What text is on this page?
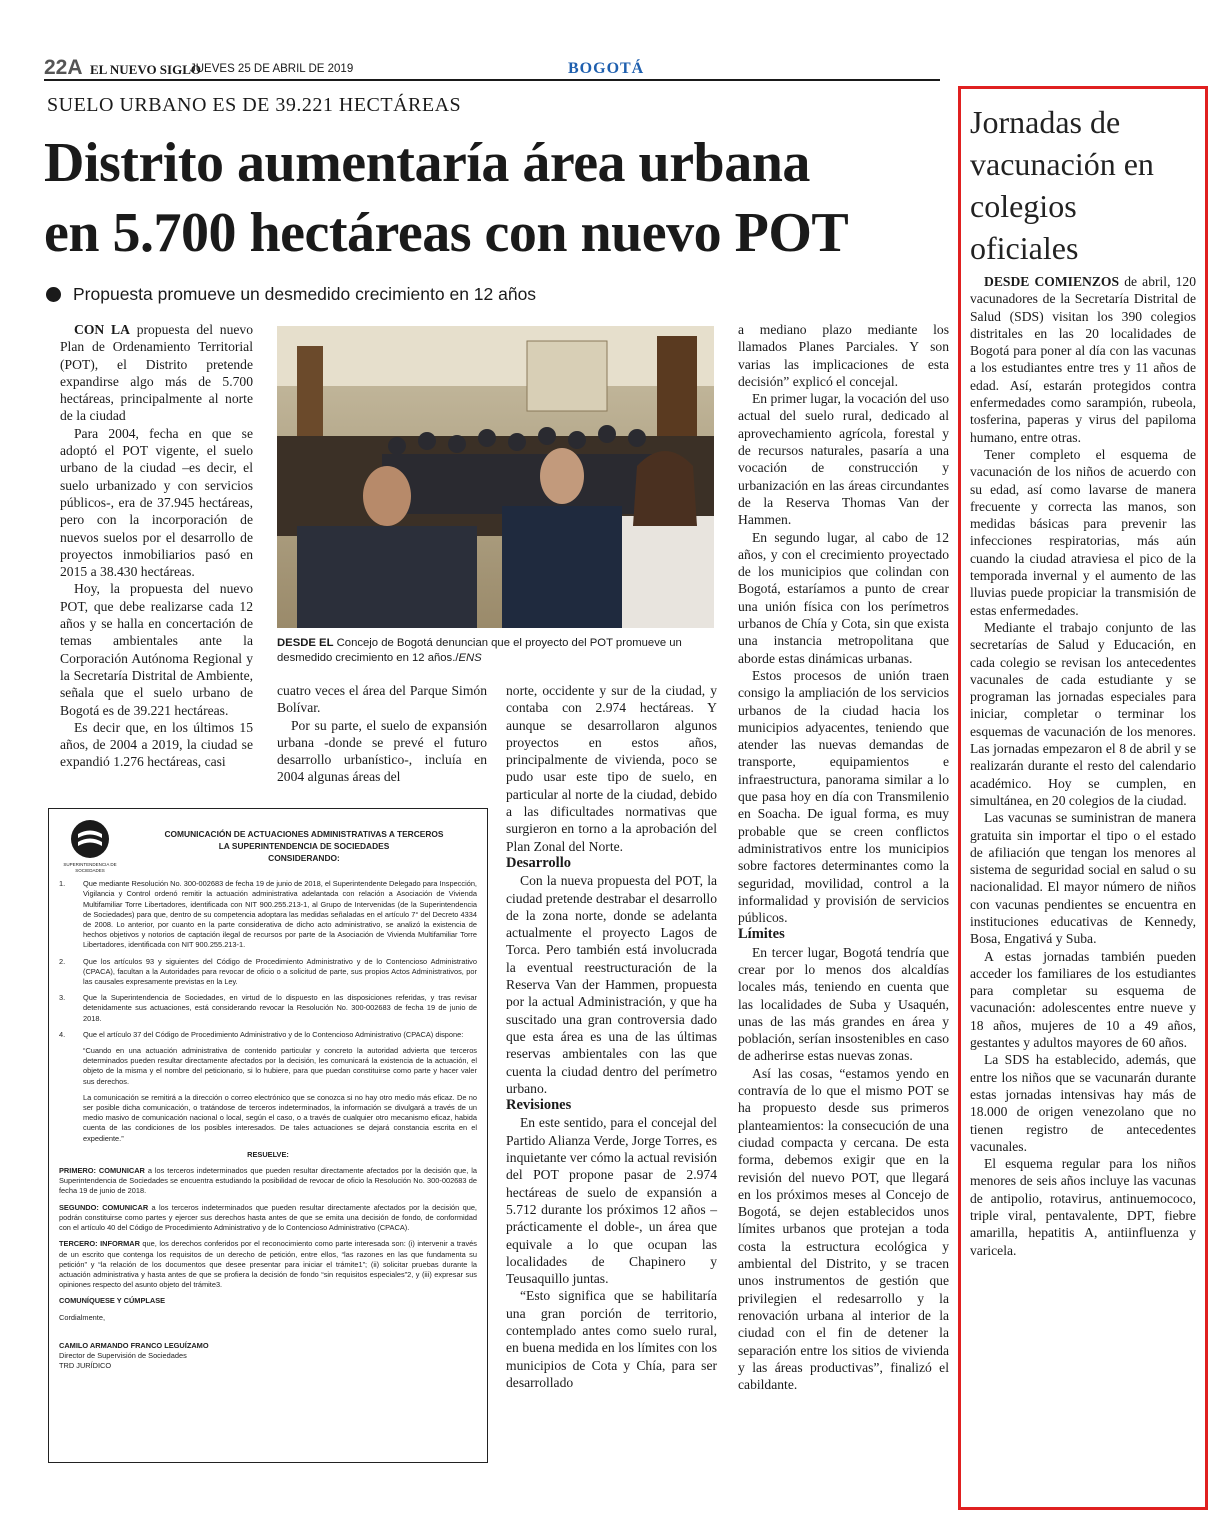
22A EL NUEVO SIGLO
JUEVES 25 DE ABRIL DE 2019	BOGOTÁ
SUELO URBANO ES DE 39.221 HECTÁREAS
Distrito aumentaría área urbana
en 5.700 hectáreas con nuevo POT
Propuesta promueve un desmedido crecimiento en 12 años

CON LA propuesta del nuevo Plan de Ordenamiento Territorial (POT), el Distrito pretende expandirse algo más de 5.700 hectáreas, principalmente al norte de la ciudad

Para 2004, fecha en que se adoptó el POT vigente, el suelo urbano de la ciudad –es decir, el suelo urbanizado y con servicios públicos-, era de 37.945 hectáreas, pero con la incorporación de nuevos suelos por el desarrollo de proyectos inmobiliarios pasó en 2015 a 38.430 hectáreas.

Hoy, la propuesta del nuevo POT, que debe realizarse cada 12 años y se halla en concertación de temas ambientales ante la Corporación Autónoma Regional y la Secretaría Distrital de Ambiente, señala que el suelo urbano de Bogotá es de 39.221 hectáreas.

Es decir que, en los últimos 15 años, de 2004 a 2019, la ciudad se expandió 1.276 hectáreas, casi

DESDE EL Concejo de Bogotá denuncian que el proyecto del POT promueve un desmedido crecimiento en 12 años./ENS

cuatro veces el área del Parque Simón Bolívar.

Por su parte, el suelo de expansión urbana -donde se prevé el futuro desarrollo urbanístico-, incluía en 2004 algunas áreas del

norte, occidente y sur de la ciudad, y contaba con 2.974 hectáreas. Y aunque se desarrollaron algunos proyectos en estos años, principalmente de vivienda, poco se pudo usar este tipo de suelo, en particular al norte de la ciudad, debido a las dificultades normativas que surgieron en torno a la aprobación del Plan Zonal del Norte.

Desarrollo

Con la nueva propuesta del POT, la ciudad pretende destrabar el desarrollo de la zona norte, donde se adelanta actualmente el proyecto Lagos de Torca. Pero también está involucrada la eventual reestructuración de la Reserva Van der Hammen, propuesta por la actual Administración, y que ha suscitado una gran controversia dado que esta área es una de las últimas reservas ambientales con las que cuenta la ciudad dentro del perímetro urbano.

Revisiones

En este sentido, para el concejal del Partido Alianza Verde, Jorge Torres, es inquietante ver cómo la actual revisión del POT propone pasar de 2.974 hectáreas de suelo de expansión a 5.712 durante los próximos 12 años –prácticamente el doble-, un área que equivale a lo que ocupan las localidades de Chapinero y Teusaquillo juntas.

“Esto significa que se habilitaría una gran porción de territorio, contemplado antes como suelo rural, en buena medida en los límites con los municipios de Cota y Chía, para ser desarrollado

a mediano plazo mediante los llamados Planes Parciales. Y son varias las implicaciones de esta decisión” explicó el concejal.

En primer lugar, la vocación del uso actual del suelo rural, dedicado al aprovechamiento agrícola, forestal y de recursos naturales, pasaría a una vocación de construcción y urbanización en las áreas circundantes de la Reserva Thomas Van der Hammen.

En segundo lugar, al cabo de 12 años, y con el crecimiento proyectado de los municipios que colindan con Bogotá, estaríamos a punto de crear una unión física con los perímetros urbanos de Chía y Cota, sin que exista una instancia metropolitana que aborde estas dinámicas urbanas.

Estos procesos de unión traen consigo la ampliación de los servicios urbanos de la ciudad hacia los municipios adyacentes, teniendo que atender las nuevas demandas de transporte, equipamientos e infraestructura, panorama similar a lo que pasa hoy en día con Transmilenio en Soacha. De igual forma, es muy probable que se creen conflictos administrativos entre los municipios sobre factores determinantes como la seguridad, movilidad, control a la informalidad y provisión de servicios públicos.

Límites

En tercer lugar, Bogotá tendría que crear por lo menos dos alcaldías locales más, teniendo en cuenta que las localidades de Suba y Usaquén, unas de las más grandes en área y población, serían insostenibles en caso de adherirse estas nuevas zonas.

Así las cosas, “estamos yendo en contravía de lo que el mismo POT se ha propuesto desde sus primeros planteamientos: la consecución de una ciudad compacta y cercana. De esta forma, debemos exigir que en la revisión del nuevo POT, que llegará en los próximos meses al Concejo de Bogotá, se dejen establecidos unos límites urbanos que protejan a toda costa la estructura ecológica y ambiental del Distrito, y se tracen unos instrumentos de gestión que privilegien el redesarrollo y la renovación urbana al interior de la ciudad con el fin de detener la separación entre los sitios de vivienda y las áreas productivas”, finalizó el cabildante.

SUPERINTENDENCIA DE SOCIEDADES
COMUNICACIÓN DE ACTUACIONES ADMINISTRATIVAS A TERCEROS
LA SUPERINTENDENCIA DE SOCIEDADES
CONSIDERANDO:
1.	Que mediante Resolución No. 300-002683 de fecha 19 de junio de 2018, el Superintendente Delegado para Inspección, Vigilancia y Control ordenó remitir la actuación administrativa adelantada con relación a Asociación de Vivienda Multifamiliar Torre Libertadores, identificada con NIT 900.255.213-1, al Grupo de Intervenidas (de la Superintendencia de Sociedades) para que, dentro de su competencia adoptara las medidas señaladas en el artículo 7° del Decreto 4334 de 2008. Lo anterior, por cuanto en la parte considerativa de dicho acto administrativo, se analizó la existencia de hechos objetivos y notorios de captación ilegal de recursos por parte de la Asociación de Vivienda Multifamiliar Torre Libertadores, identificada con NIT 900.255.213-1.

2.	Que los artículos 93 y siguientes del Código de Procedimiento Administrativo y de lo Contencioso Administrativo (CPACA), facultan a la Autoridades para revocar de oficio o a solicitud de parte, sus propios Actos Administrativos, por las causales expresamente previstas en la Ley.

3.	Que la Superintendencia de Sociedades, en virtud de lo dispuesto en las disposiciones referidas, y tras revisar detenidamente sus actuaciones, está considerando revocar la Resolución No. 300-002683 de fecha 19 de junio de 2018.

4.	Que el artículo 37 del Código de Procedimiento Administrativo y de lo Contencioso Administrativo (CPACA) dispone:

“Cuando en una actuación administrativa de contenido particular y concreto la autoridad advierta que terceros determinados pueden resultar directamente afectados por la decisión, les comunicará la existencia de la actuación, el objeto de la misma y el nombre del peticionario, si lo hubiere, para que puedan constituirse como parte y hacer valer sus derechos.

La comunicación se remitirá a la dirección o correo electrónico que se conozca si no hay otro medio más eficaz. De no ser posible dicha comunicación, o tratándose de terceros indeterminados, la información se divulgará a través de un medio masivo de comunicación nacional o local, según el caso, o a través de cualquier otro mecanismo eficaz, habida cuenta de las condiciones de los posibles interesados. De tales actuaciones se dejará constancia escrita en el expediente.”

RESUELVE:

PRIMERO: COMUNICAR a los terceros indeterminados que pueden resultar directamente afectados por la decisión que, la Superintendencia de Sociedades se encuentra estudiando la posibilidad de revocar de oficio la Resolución No. 300-002683 de fecha 19 de junio de 2018.

SEGUNDO: COMUNICAR a los terceros indeterminados que pueden resultar directamente afectados por la decisión que, podrán constituirse como partes y ejercer sus derechos hasta antes de que se emita una decisión de fondo, de conformidad con el artículo 40 del Código de Procedimiento Administrativo y de lo Contencioso Administrativo (CPACA).

TERCERO: INFORMAR que, los derechos conferidos por el reconocimiento como parte interesada son: (i) intervenir a través de un escrito que contenga los requisitos de un derecho de petición, entre ellos, “las razones en las que fundamenta su petición” y “la relación de los documentos que desee presentar para iniciar el trámite1”; (ii) solicitar pruebas durante la actuación administrativa y hasta antes de que se profiera la decisión de fondo “sin requisitos especiales”2, y (iii) expresar sus opiniones respecto del asunto objeto del trámite3.

COMUNÍQUESE Y CÚMPLASE

Cordialmente,

CAMILO ARMANDO FRANCO LEGUÍZAMO
Director de Supervisión de Sociedades
TRD JURÍDICO
Jornadas de vacunación en colegios oficiales

DESDE COMIENZOS de abril, 120 vacunadores de la Secretaría Distrital de Salud (SDS) visitan los 390 colegios distritales en las 20 localidades de Bogotá para poner al día con las vacunas a los estudiantes entre tres y 11 años de edad. Así, estarán protegidos contra enfermedades como sarampión, rubeola, tosferina, paperas y virus del papiloma humano, entre otras.

Tener completo el esquema de vacunación de los niños de acuerdo con su edad, así como lavarse de manera frecuente y correcta las manos, son medidas básicas para prevenir las infecciones respiratorias, más aún cuando la ciudad atraviesa el pico de la temporada invernal y el aumento de las lluvias puede propiciar la transmisión de estas enfermedades.

Mediante el trabajo conjunto de las secretarías de Salud y Educación, en cada colegio se revisan los antecedentes vacunales de cada estudiante y se programan las jornadas especiales para iniciar, completar o terminar los esquemas de vacunación de los menores. Las jornadas empezaron el 8 de abril y se realizarán durante el resto del calendario académico. Hoy se cumplen, en simultánea, en 20 colegios de la ciudad.

Las vacunas se suministran de manera gratuita sin importar el tipo o el estado de afiliación que tengan los menores al sistema de seguridad social en salud o su nacionalidad. El mayor número de niños con vacunas pendientes se encuentra en instituciones educativas de Kennedy, Bosa, Engativá y Suba.

A estas jornadas también pueden acceder los familiares de los estudiantes para completar su esquema de vacunación: adolescentes entre nueve y 18 años, mujeres de 10 a 49 años, gestantes y adultos mayores de 60 años.

La SDS ha establecido, además, que entre los niños que se vacunarán durante estas jornadas intensivas hay más de 18.000 de origen venezolano que no tienen registro de antecedentes vacunales.

El esquema regular para los niños menores de seis años incluye las vacunas de antipolio, rotavirus, antinuemococo, triple viral, pentavalente, DPT, fiebre amarilla, hepatitis A, antiinfluenza y varicela.
